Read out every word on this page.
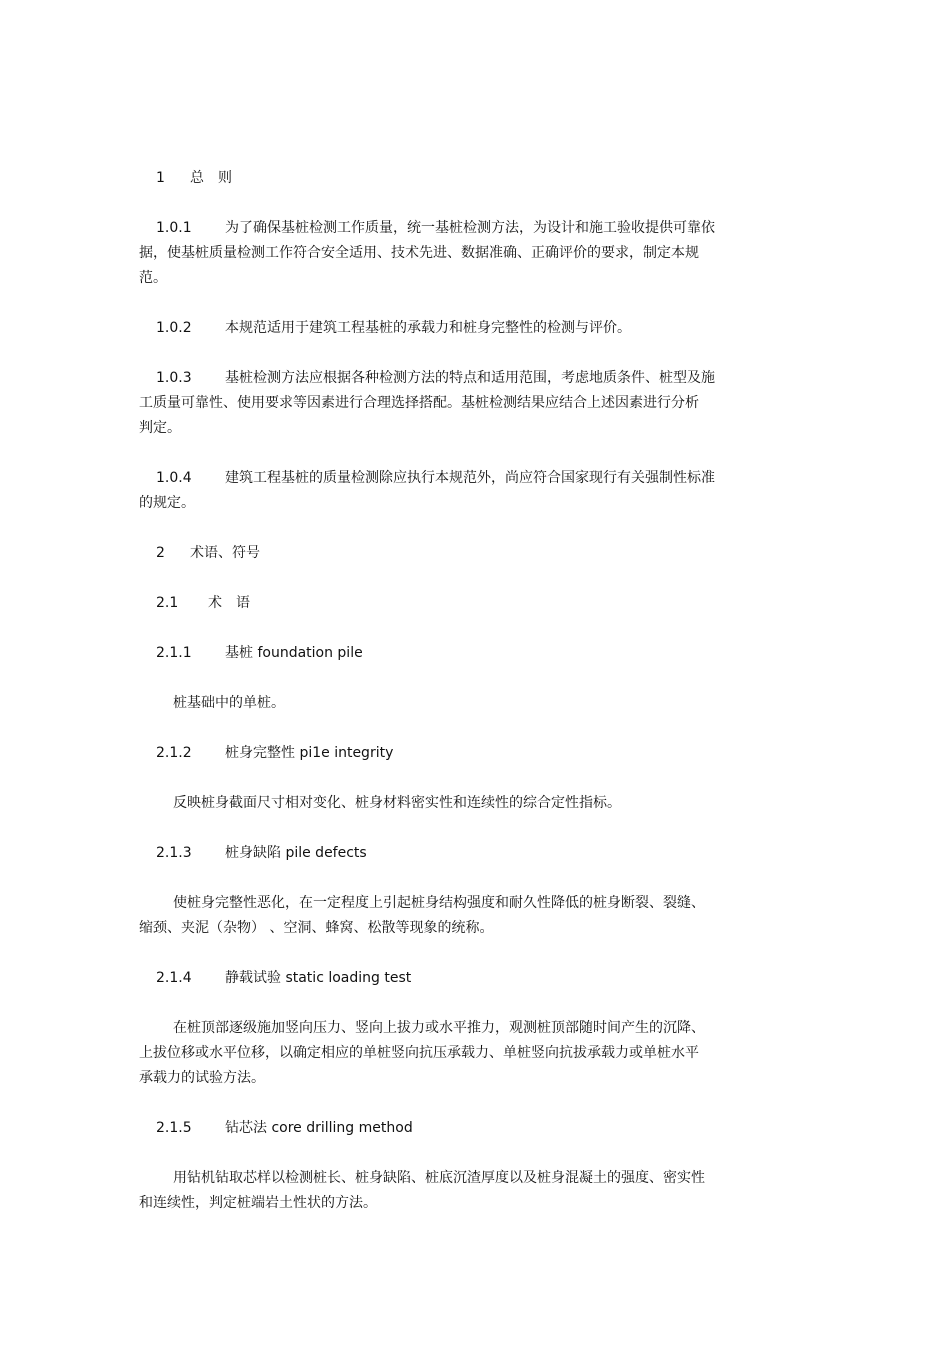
1 总　则
1.0.1 为了确保基桩检测工作质量，统一基桩检测方法，为设计和施工验收提供可靠依
据，使基桩质量检测工作符合安全适用、技术先进、数据准确、正确评价的要求，制定本规
范。
1.0.2 本规范适用于建筑工程基桩的承载力和桩身完整性的检测与评价。
1.0.3 基桩检测方法应根据各种检测方法的特点和适用范围，考虑地质条件、桩型及施
工质量可靠性、使用要求等因素进行合理选择搭配。基桩检测结果应结合上述因素进行分析
判定。
1.0.4 建筑工程基桩的质量检测除应执行本规范外，尚应符合国家现行有关强制性标准
的规定。
2 术语、符号
2.1 术　语
2.1.1 基桩 foundation pile
桩基础中的单桩。
2.1.2 桩身完整性 pi1e integrity
反映桩身截面尺寸相对变化、桩身材料密实性和连续性的综合定性指标。
2.1.3 桩身缺陷 pile defects
使桩身完整性恶化，在一定程度上引起桩身结构强度和耐久性降低的桩身断裂、裂缝、
缩颈、夹泥（杂物） 、空洞、蜂窝、松散等现象的统称。
2.1.4 静载试验 static loading test
在桩顶部逐级施加竖向压力、竖向上拔力或水平推力，观测桩顶部随时间产生的沉降、
上拔位移或水平位移，以确定相应的单桩竖向抗压承载力、单桩竖向抗拔承载力或单桩水平
承载力的试验方法。
2.1.5 钻芯法 core drilling method
用钻机钻取芯样以检测桩长、桩身缺陷、桩底沉渣厚度以及桩身混凝土的强度、密实性
和连续性，判定桩端岩土性状的方法。
